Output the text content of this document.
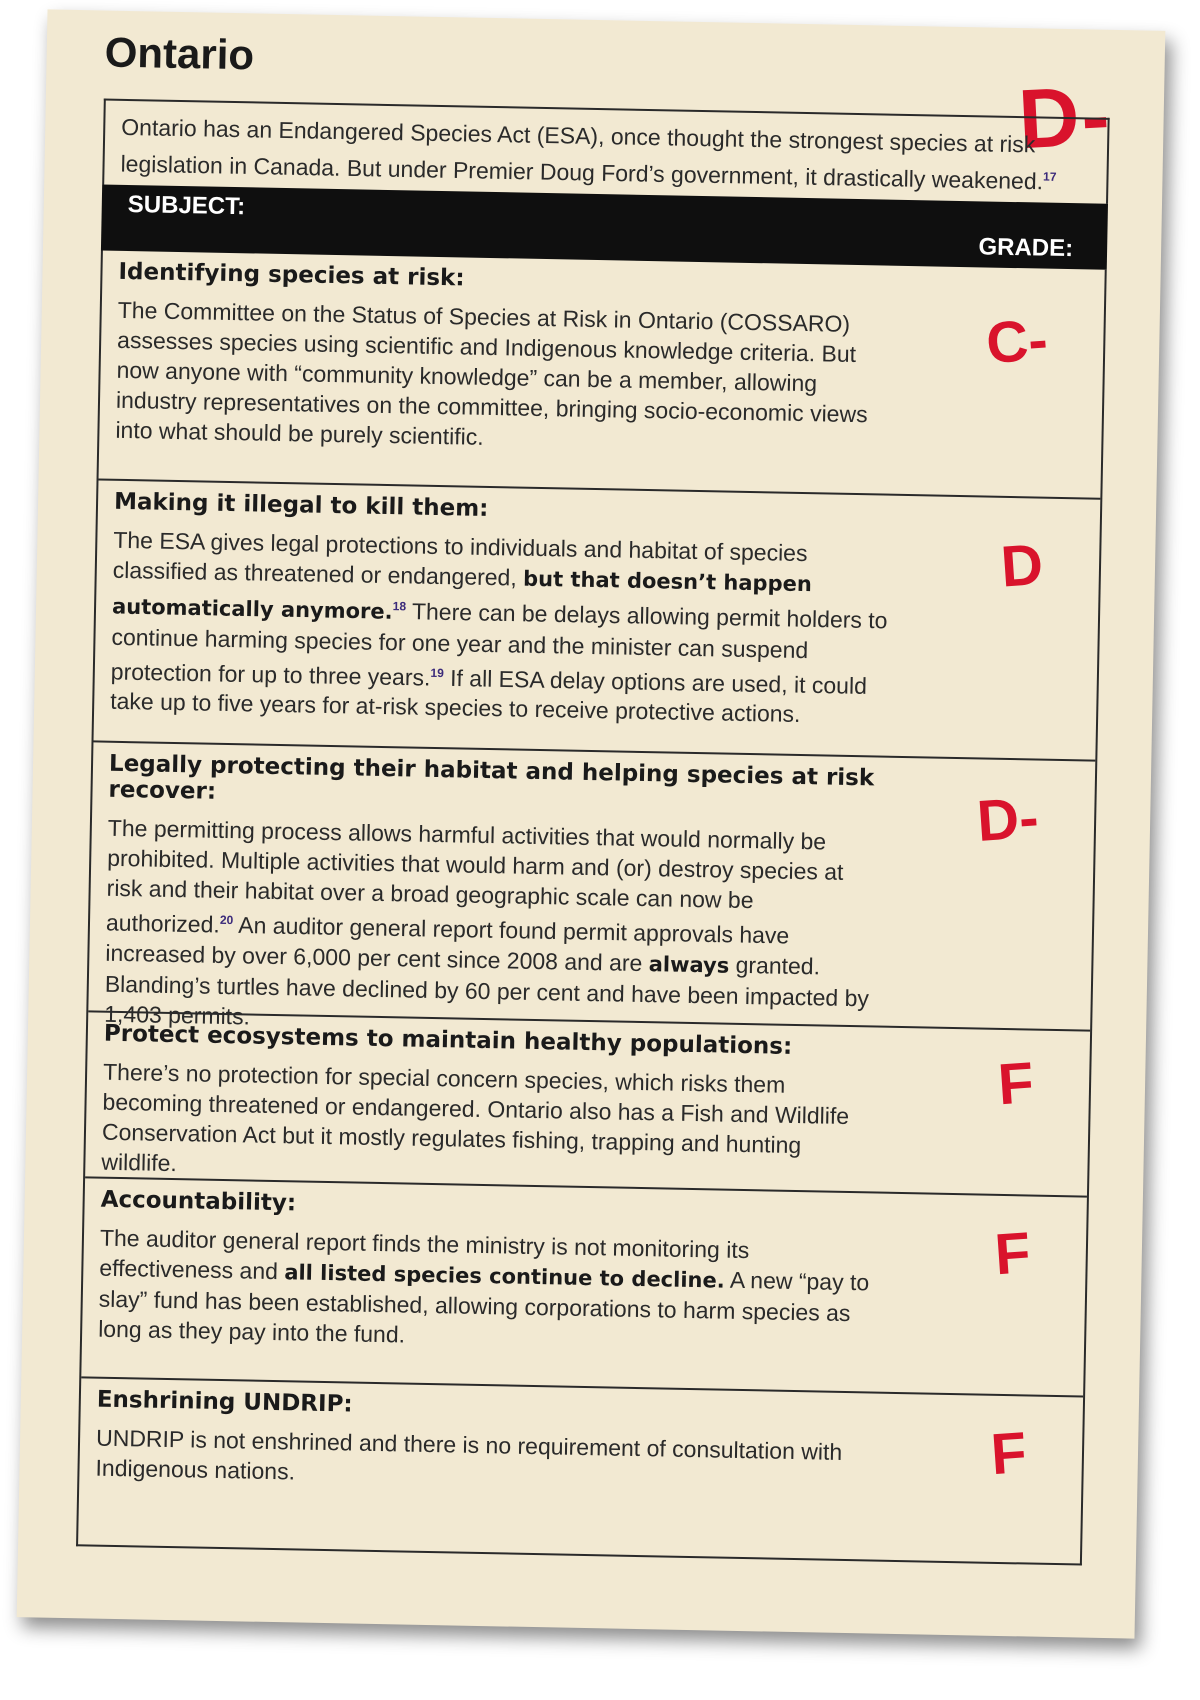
Ontario
D-
Ontario has an Endangered Species Act (ESA), once thought the strongest species at risk legislation in Canada. But under Premier Doug Ford’s government, it drastically weakened.$^{17}$
SUBJECT:
GRADE:
Identifying species at risk:
The Committee on the Status of Species at Risk in Ontario (COSSARO) assesses species using scientific and Indigenous knowledge criteria. But now anyone with “community knowledge” can be a member, allowing industry representatives on the committee, bringing socio-economic views into what should be purely scientific.
C-
Making it illegal to kill them:
The ESA gives legal protections to individuals and habitat of species classified as threatened or endangered, but that doesn’t happen automatically anymore.$^{18}$ There can be delays allowing permit holders to continue harming species for one year and the minister can suspend protection for up to three years.$^{19}$ If all ESA delay options are used, it could take up to five years for at-risk species to receive protective actions.
D
Legally protecting their habitat and helping species at risk recover:
The permitting process allows harmful activities that would normally be prohibited. Multiple activities that would harm and (or) destroy species at risk and their habitat over a broad geographic scale can now be authorized.$^{20}$ An auditor general report found permit approvals have increased by over 6,000 per cent since 2008 and are always granted. Blanding’s turtles have declined by 60 per cent and have been impacted by 1,403 permits.
D-
Protect ecosystems to maintain healthy populations:
There’s no protection for special concern species, which risks them becoming threatened or endangered. Ontario also has a Fish and Wildlife Conservation Act but it mostly regulates fishing, trapping and hunting wildlife.
F
Accountability:
The auditor general report finds the ministry is not monitoring its effectiveness and all listed species continue to decline. A new “pay to slay” fund has been established, allowing corporations to harm species as long as they pay into the fund.
F
Enshrining UNDRIP:
UNDRIP is not enshrined and there is no requirement of consultation with Indigenous nations.	F
